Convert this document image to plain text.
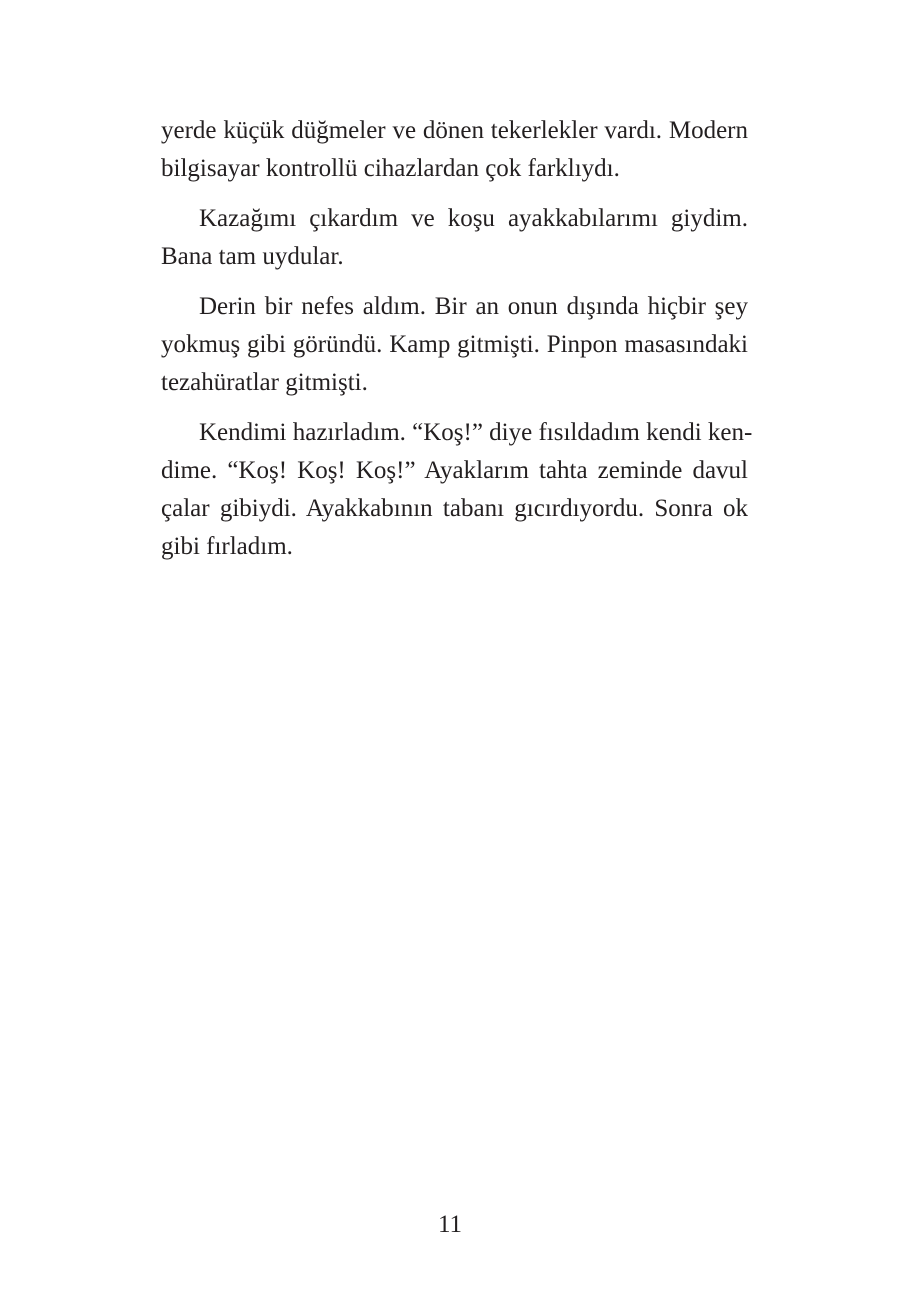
yerde küçük düğmeler ve dönen tekerlekler vardı. Modern
bilgisayar kontrollü cihazlardan çok farklıydı.

Kazağımı çıkardım ve koşu ayakkabılarımı giydim.
Bana tam uydular.

Derin bir nefes aldım. Bir an onun dışında hiçbir şey
yokmuş gibi göründü. Kamp gitmişti. Pinpon masasındaki
tezahüratlar gitmişti.

Kendimi hazırladım. “Koş!” diye fısıldadım kendi ken-
dime. “Koş! Koş! Koş!” Ayaklarım tahta zeminde davul
çalar gibiydi. Ayakkabının tabanı gıcırdıyordu. Sonra ok
gibi fırladım.

11
